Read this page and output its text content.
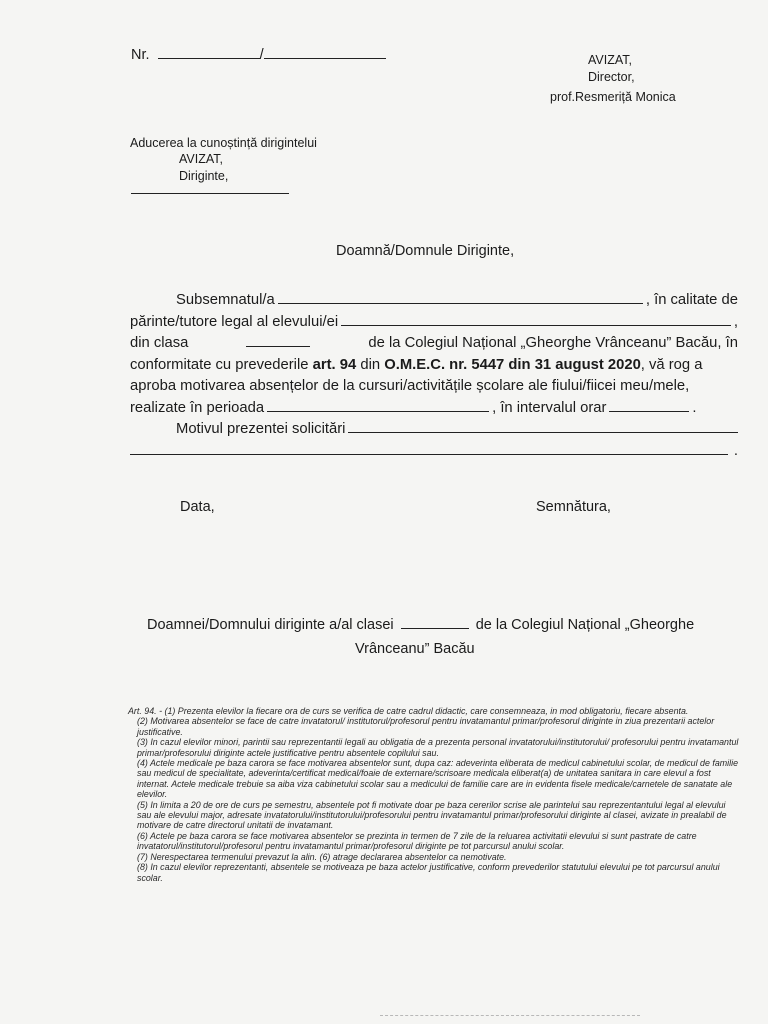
Nr.	/	AVIZAT,
Director,
prof.Resmeriță Monica
Aducerea la cunoștință dirigintelui
AVIZAT,
Diriginte,
Doamnă/Domnule Diriginte,
Subsemnatul/a	, în calitate de
părinte/tutore legal al elevului/ei	,
din clasa	de la Colegiul Național „Gheorghe Vrânceanu” Bacău, în
conformitate cu prevederile art. 94 din O.M.E.C. nr. 5447 din 31 august 2020, vă rog a
aproba motivarea absențelor de la cursuri/activitățile școlare ale fiului/fiicei meu/mele,
realizate în perioada	, în intervalul orar	.
Motivul prezentei solicitări
.
Data,	Semnătura,
Doamnei/Domnului diriginte a/al clasei	de la Colegiul Național „Gheorghe
Vrânceanu” Bacău

Art. 94. - (1) Prezenta elevilor la fiecare ora de curs se verifica de catre cadrul didactic, care consemneaza, in mod obligatoriu, fiecare absenta.

(2) Motivarea absentelor se face de catre invatatorul/ institutorul/profesorul pentru invatamantul primar/profesorul diriginte in ziua prezentarii actelor justificative.

(3) In cazul elevilor minori, parintii sau reprezentantii legali au obligatia de a prezenta personal invatatorului/institutorului/ profesorului pentru invatamantul primar/profesorului diriginte actele justificative pentru absentele copilului sau.

(4) Actele medicale pe baza carora se face motivarea absentelor sunt, dupa caz: adeverinta eliberata de medicul cabinetului scolar, de medicul de familie sau medicul de specialitate, adeverinta/certificat medical/foaie de externare/scrisoare medicala eliberat(a) de unitatea sanitara in care elevul a fost internat. Actele medicale trebuie sa aiba viza cabinetului scolar sau a medicului de familie care are in evidenta fisele medicale/carnetele de sanatate ale elevilor.

(5) In limita a 20 de ore de curs pe semestru, absentele pot fi motivate doar pe baza cererilor scrise ale parintelui sau reprezentantului legal al elevului sau ale elevului major, adresate invatatorului/institutorului/profesorului pentru invatamantul primar/profesorului diriginte al clasei, avizate in prealabil de motivare de catre directorul unitatii de invatamant.

(6) Actele pe baza carora se face motivarea absentelor se prezinta in termen de 7 zile de la reluarea activitatii elevului si sunt pastrate de catre invatatorul/institutorul/profesorul pentru invatamantul primar/profesorul diriginte pe tot parcursul anului scolar.

(7) Nerespectarea termenului prevazut la alin. (6) atrage declararea absentelor ca nemotivate.

(8) In cazul elevilor reprezentanti, absentele se motiveaza pe baza actelor justificative, conform prevederilor statutului elevului pe tot parcursul anului scolar.
